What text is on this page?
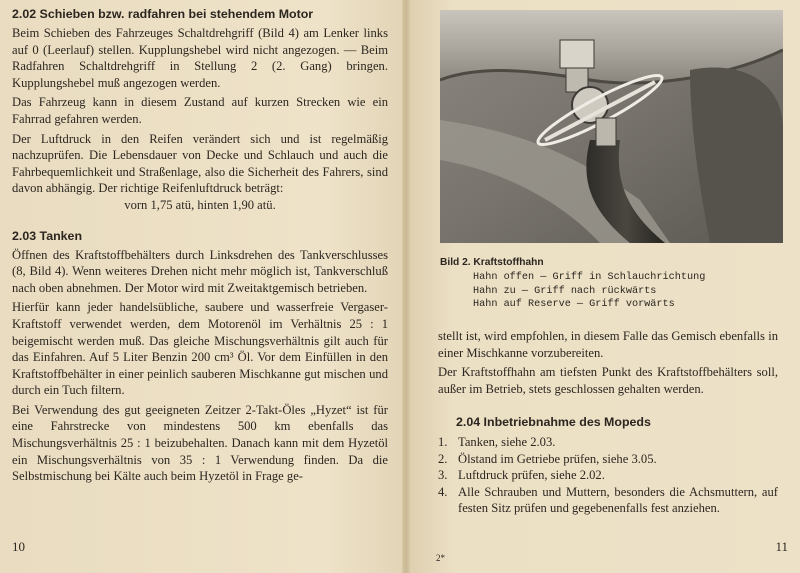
2.02 Schieben bzw. radfahren bei stehendem Motor

Beim Schieben des Fahrzeuges Schaltdrehgriff (Bild 4) am Lenker links auf 0 (Leerlauf) stellen. Kupplungshebel wird nicht angezogen. — Beim Radfahren Schaltdrehgriff in Stellung 2 (2. Gang) bringen. Kupplungshebel muß angezogen werden.

Das Fahrzeug kann in diesem Zustand auf kurzen Strecken wie ein Fahrrad gefahren werden.

Der Luftdruck in den Reifen verändert sich und ist regelmäßig nachzuprüfen. Die Lebensdauer von Decke und Schlauch und auch die Fahrbequemlichkeit und Straßenlage, also die Sicherheit des Fahrers, sind davon abhängig. Der richtige Reifenluftdruck beträgt:

vorn 1,75 atü, hinten 1,90 atü.

2.03 Tanken

Öffnen des Kraftstoffbehälters durch Linksdrehen des Tankverschlusses (8, Bild 4). Wenn weiteres Drehen nicht mehr möglich ist, Tankverschluß nach oben abnehmen. Der Motor wird mit Zweitaktgemisch betrieben.

Hierfür kann jeder handelsübliche, saubere und wasserfreie Vergaser-Kraftstoff verwendet werden, dem Motorenöl im Verhältnis 25 : 1 beigemischt werden muß. Das gleiche Mischungsverhältnis gilt auch für das Einfahren. Auf 5 Liter Benzin 200 cm³ Öl. Vor dem Einfüllen in den Kraftstoffbehälter in einer peinlich sauberen Mischkanne gut mischen und durch ein Tuch filtern.

Bei Verwendung des gut geeigneten Zeitzer 2-Takt-Öles „Hyzet“ ist für eine Fahrstrecke von mindestens 500 km ebenfalls das Mischungsverhältnis 25 : 1 beizubehalten. Danach kann mit dem Hyzetöl ein Mischungsverhältnis von 35 : 1 Verwendung finden. Da die Selbstmischung bei Kälte auch beim Hyzetöl in Frage ge-

10
Bild 2. Kraftstoffhahn
Hahn offen — Griff in Schlauchrichtung
Hahn zu — Griff nach rückwärts
Hahn auf Reserve — Griff vorwärts

stellt ist, wird empfohlen, in diesem Falle das Gemisch ebenfalls in einer Mischkanne vorzubereiten.

Der Kraftstoffhahn am tiefsten Punkt des Kraftstoffbehälters soll, außer im Betrieb, stets geschlossen gehalten werden.

2.04 Inbetriebnahme des Mopeds
1. Tanken, siehe 2.03.
2. Ölstand im Getriebe prüfen, siehe 3.05.
3. Luftdruck prüfen, siehe 2.02.
4. Alle Schrauben und Muttern, besonders die Achsmuttern, auf festen Sitz prüfen und gegebenenfalls fest anziehen.
2*
11
